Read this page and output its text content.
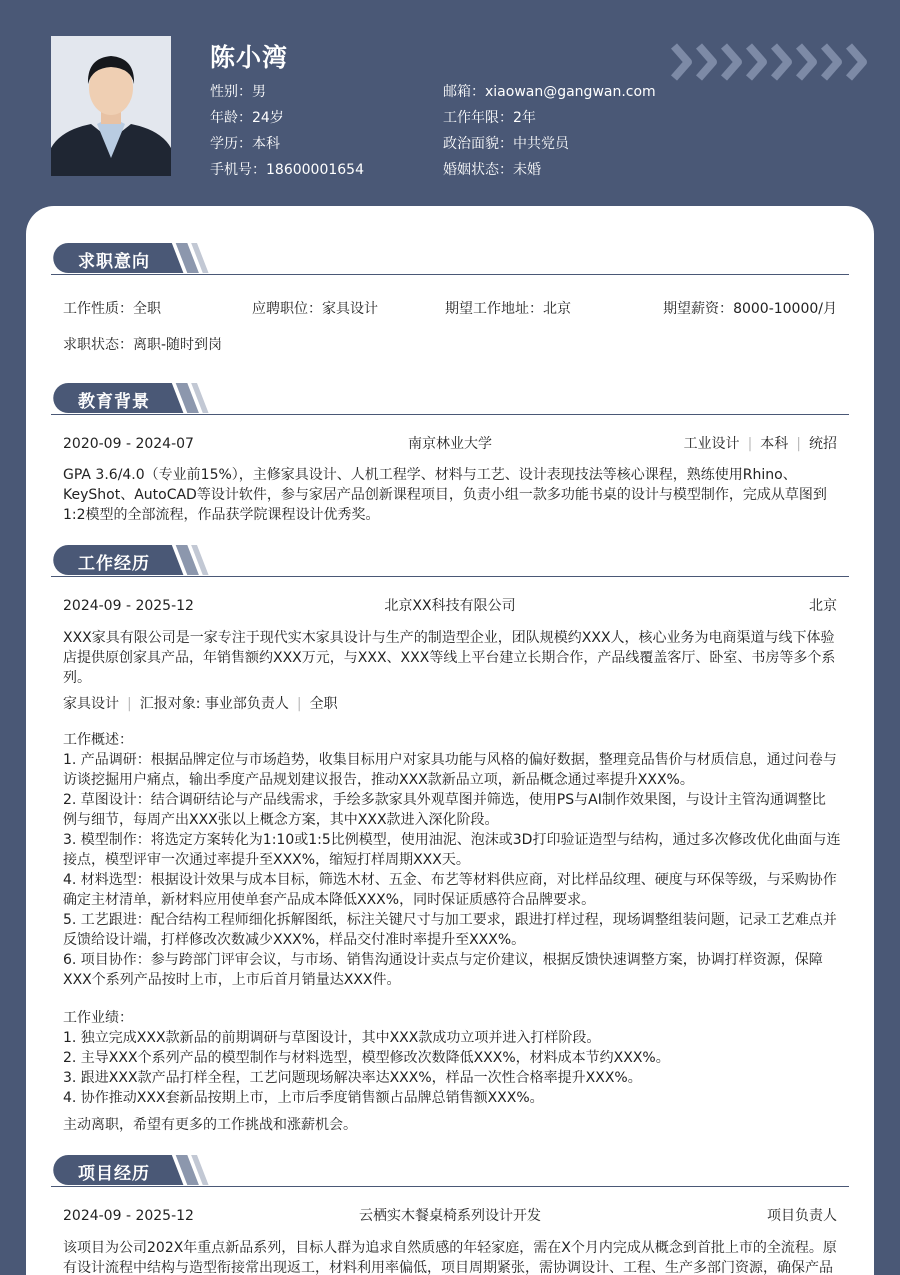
陈小湾
性别：男
年龄：24岁
学历：本科
手机号：18600001654
邮箱：xiaowan@gangwan.com
工作年限：2年
政治面貌：中共党员
婚姻状态：未婚
求职意向
工作性质：全职	应聘职位：家具设计	期望工作地址：北京	期望薪资：8000-10000/月
求职状态：离职-随时到岗
教育背景
2020-09 - 2024-07	南京林业大学	工业设计 | 本科 | 统招
GPA 3.6/4.0（专业前15%），主修家具设计、人机工程学、材料与工艺、设计表现技法等核心课程，熟练使用Rhino、
KeyShot、AutoCAD等设计软件，参与家居产品创新课程项目，负责小组一款多功能书桌的设计与模型制作，完成从草图到
1:2模型的全部流程，作品获学院课程设计优秀奖。
工作经历
2024-09 - 2025-12	北京XX科技有限公司	北京
XXX家具有限公司是一家专注于现代实木家具设计与生产的制造型企业，团队规模约XXX人，核心业务为电商渠道与线下体验
店提供原创家具产品，年销售额约XXX万元，与XXX、XXX等线上平台建立长期合作，产品线覆盖客厅、卧室、书房等多个系
列。
家具设计 | 汇报对象: 事业部负责人 | 全职
工作概述：
1. 产品调研：根据品牌定位与市场趋势，收集目标用户对家具功能与风格的偏好数据，整理竞品售价与材质信息，通过问卷与
访谈挖掘用户痛点，输出季度产品规划建议报告，推动XXX款新品立项，新品概念通过率提升XXX%。
2. 草图设计：结合调研结论与产品线需求，手绘多款家具外观草图并筛选，使用PS与AI制作效果图，与设计主管沟通调整比
例与细节，每周产出XXX张以上概念方案，其中XXX款进入深化阶段。
3. 模型制作：将选定方案转化为1:10或1:5比例模型，使用油泥、泡沫或3D打印验证造型与结构，通过多次修改优化曲面与连
接点，模型评审一次通过率提升至XXX%，缩短打样周期XXX天。
4. 材料选型：根据设计效果与成本目标，筛选木材、五金、布艺等材料供应商，对比样品纹理、硬度与环保等级，与采购协作
确定主材清单，新材料应用使单套产品成本降低XXX%，同时保证质感符合品牌要求。
5. 工艺跟进：配合结构工程师细化拆解图纸，标注关键尺寸与加工要求，跟进打样过程，现场调整组装问题，记录工艺难点并
反馈给设计端，打样修改次数减少XXX%，样品交付准时率提升至XXX%。
6. 项目协作：参与跨部门评审会议，与市场、销售沟通设计卖点与定价建议，根据反馈快速调整方案，协调打样资源，保障
XXX个系列产品按时上市，上市后首月销量达XXX件。
工作业绩：
1. 独立完成XXX款新品的前期调研与草图设计，其中XXX款成功立项并进入打样阶段。
2. 主导XXX个系列产品的模型制作与材料选型，模型修改次数降低XXX%，材料成本节约XXX%。
3. 跟进XXX款产品打样全程，工艺问题现场解决率达XXX%，样品一次性合格率提升XXX%。
4. 协作推动XXX套新品按期上市，上市后季度销售额占品牌总销售额XXX%。
主动离职，希望有更多的工作挑战和涨薪机会。
项目经历
2024-09 - 2025-12	云栖实木餐桌椅系列设计开发	项目负责人
该项目为公司202X年重点新品系列，目标人群为追求自然质感的年轻家庭，需在X个月内完成从概念到首批上市的全流程。原
有设计流程中结构与造型衔接常出现返工，材料利用率偏低，项目周期紧张，需协调设计、工程、生产多部门资源，确保产品
